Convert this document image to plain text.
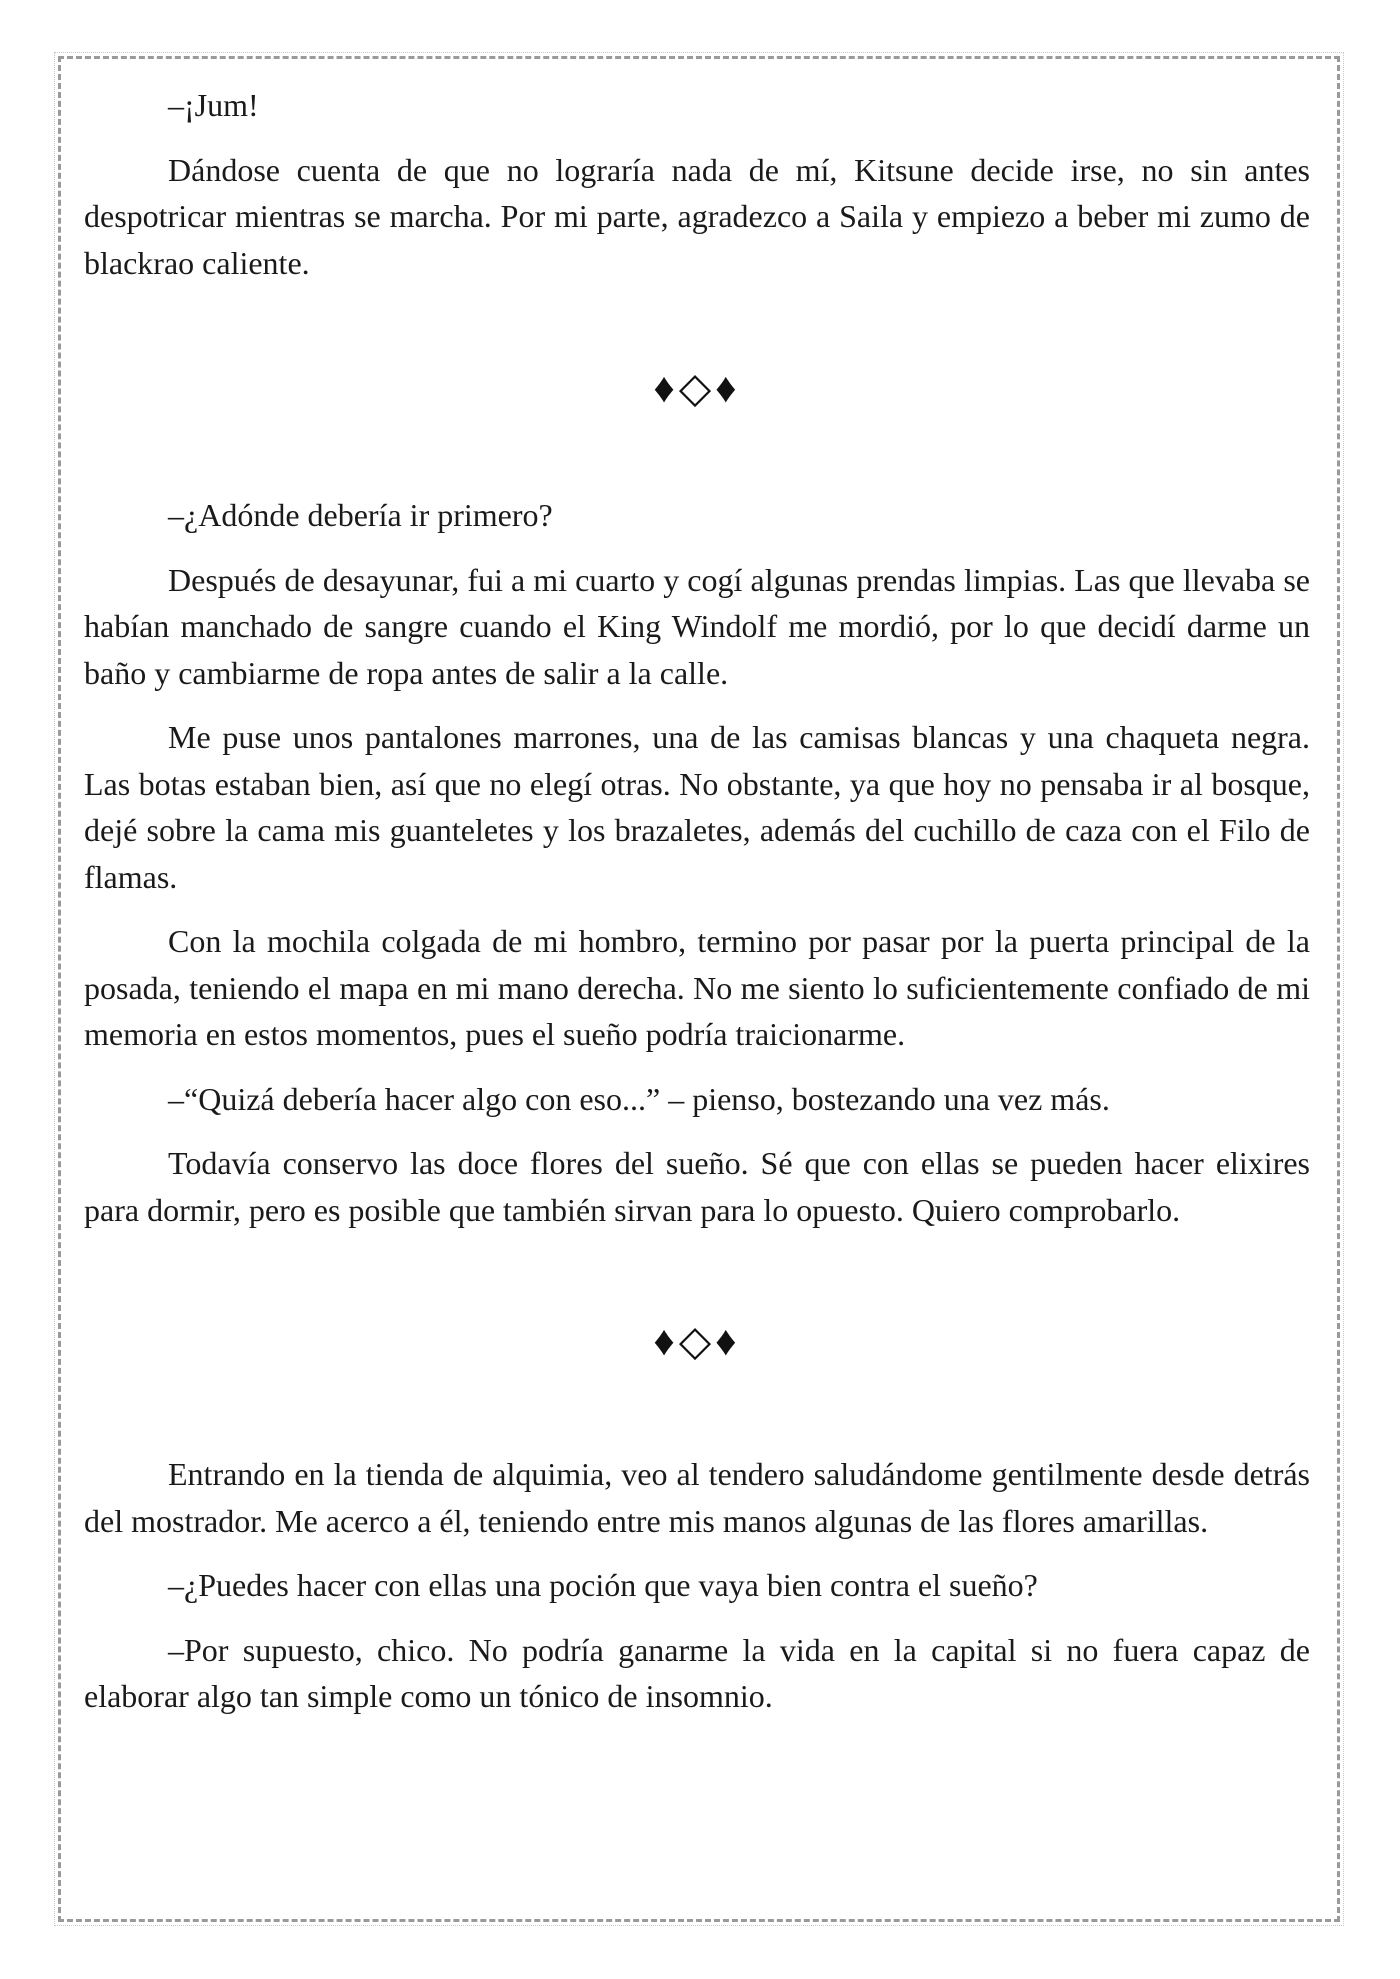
–¡Jum!

Dándose cuenta de que no lograría nada de mí, Kitsune decide irse, no sin antes despotricar mientras se marcha. Por mi parte, agradezco a Saila y empiezo a beber mi zumo de blackrao caliente.

♦◇♦

–¿Adónde debería ir primero?

Después de desayunar, fui a mi cuarto y cogí algunas prendas limpias. Las que llevaba se habían manchado de sangre cuando el King Windolf me mordió, por lo que decidí darme un baño y cambiarme de ropa antes de salir a la calle.

Me puse unos pantalones marrones, una de las camisas blancas y una chaqueta negra. Las botas estaban bien, así que no elegí otras. No obstante, ya que hoy no pensaba ir al bosque, dejé sobre la cama mis guanteletes y los brazaletes, además del cuchillo de caza con el Filo de flamas.

Con la mochila colgada de mi hombro, termino por pasar por la puerta principal de la posada, teniendo el mapa en mi mano derecha. No me siento lo suficientemente confiado de mi memoria en estos momentos, pues el sueño podría traicionarme.

–“Quizá debería hacer algo con eso...” – pienso, bostezando una vez más.

Todavía conservo las doce flores del sueño. Sé que con ellas se pueden hacer elixires para dormir, pero es posible que también sirvan para lo opuesto. Quiero comprobarlo.

♦◇♦

Entrando en la tienda de alquimia, veo al tendero saludándome gentilmente desde detrás del mostrador. Me acerco a él, teniendo entre mis manos algunas de las flores amarillas.

–¿Puedes hacer con ellas una poción que vaya bien contra el sueño?

–Por supuesto, chico. No podría ganarme la vida en la capital si no fuera capaz de elaborar algo tan simple como un tónico de insomnio.
